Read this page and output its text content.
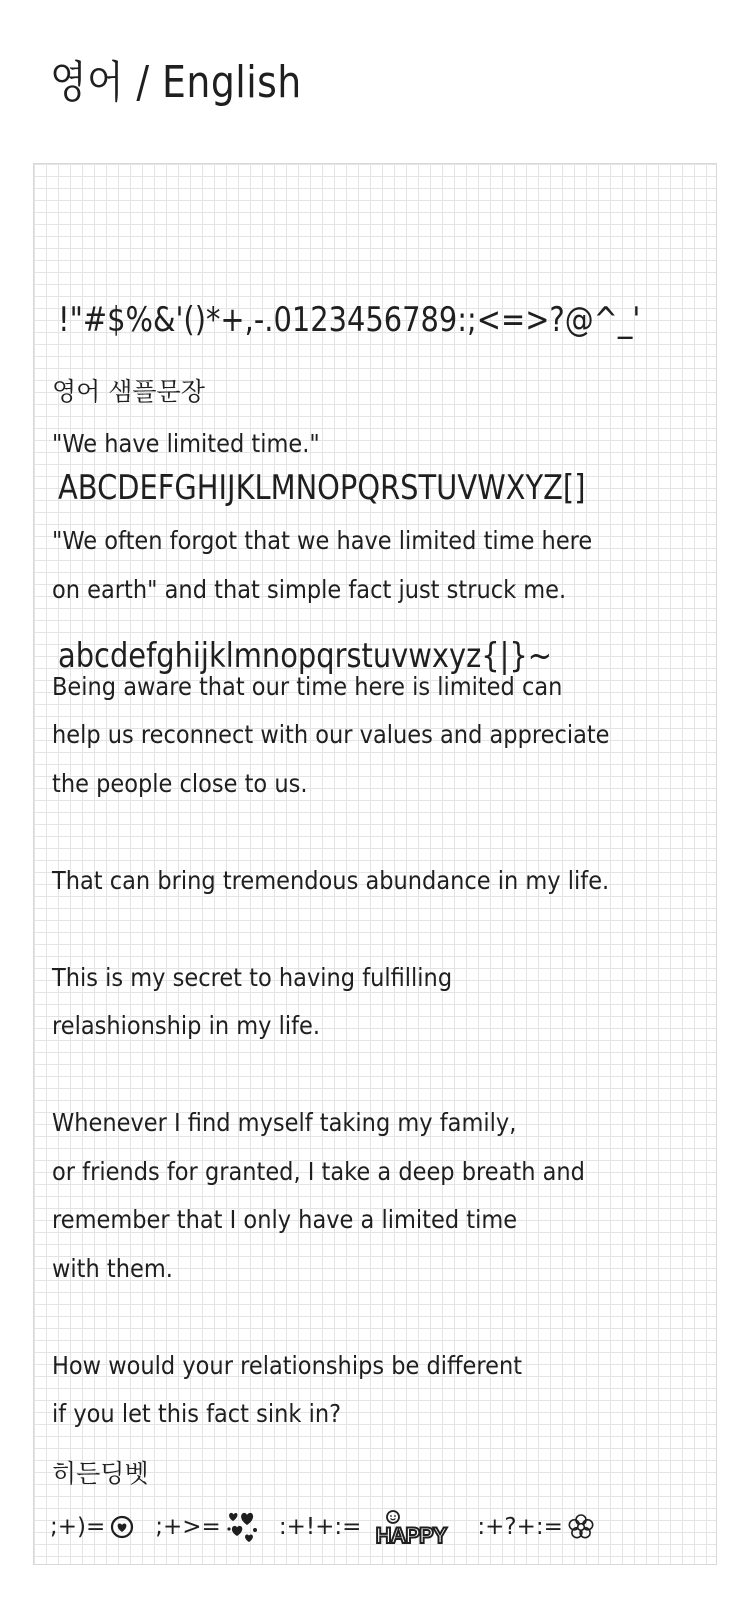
영어 / English

!"#$%&'()*+,-.0123456789:;<=>?@^_'

ABCDEFGHIJKLMNOPQRSTUVWXYZ[]

abcdefghijklmnopqrstuvwxyz{|}~

영어 샘플문장
"We have limited time."
"We often forgot that we have limited time here
on earth" and that simple fact just struck me.
Being aware that our time here is limited can
help us reconnect with our values and appreciate
the people close to us.
That can bring tremendous abundance in my life.
This is my secret to having fulfilling
relashionship in my life.
Whenever I find myself taking my family,
or friends for granted, I take a deep breath and
remember that I only have a limited time
with them.
How would your relationships be different
if you let this fact sink in?
히든딩벳
;+)= ;+>=	:+!+:= HAPPY :+?+:=
